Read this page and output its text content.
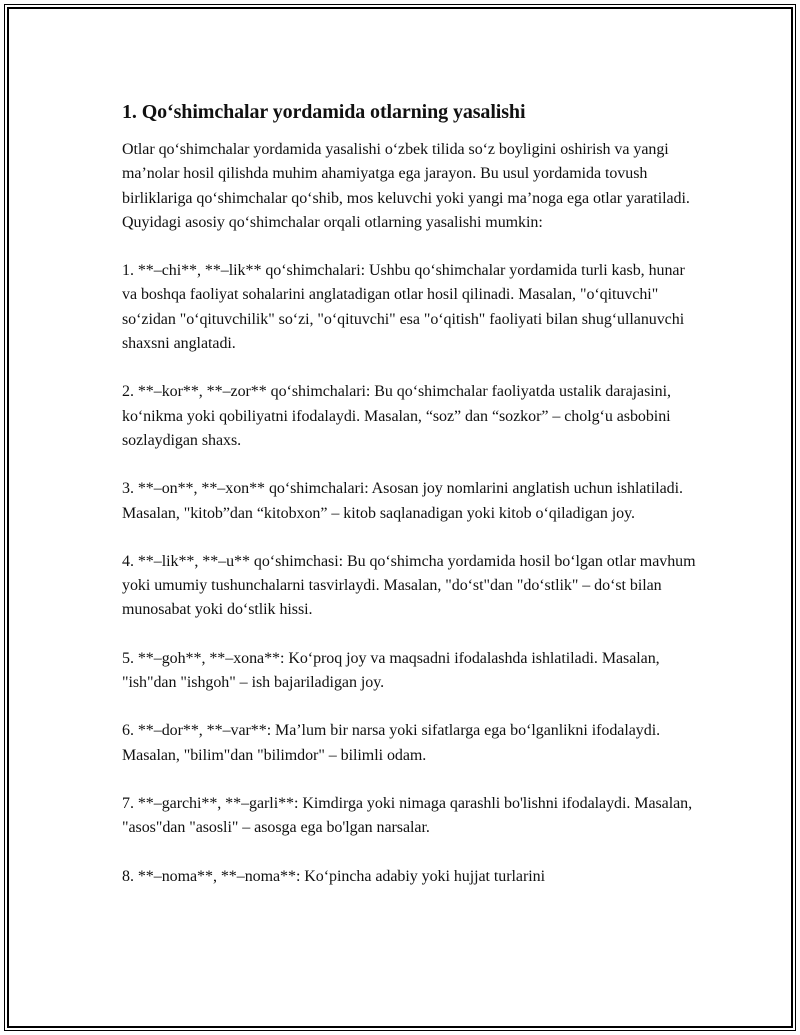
1. Qo‘shimchalar yordamida otlarning yasalishi

Otlar qo‘shimchalar yordamida yasalishi o‘zbek tilida so‘z boyligini oshirish va yangi ma’nolar hosil qilishda muhim ahamiyatga ega jarayon. Bu usul yordamida tovush birliklariga qo‘shimchalar qo‘shib, mos keluvchi yoki yangi ma’noga ega otlar yaratiladi. Quyidagi asosiy qo‘shimchalar orqali otlarning yasalishi mumkin:

1. **–chi**, **–lik** qo‘shimchalari: Ushbu qo‘shimchalar yordamida turli kasb, hunar va boshqa faoliyat sohalarini anglatadigan otlar hosil qilinadi. Masalan, "o‘qituvchi" so‘zidan "o‘qituvchilik" so‘zi, "o‘qituvchi" esa "o‘qitish" faoliyati bilan shug‘ullanuvchi shaxsni anglatadi.

2. **–kor**, **–zor** qo‘shimchalari: Bu qo‘shimchalar faoliyatda ustalik darajasini, ko‘nikma yoki qobiliyatni ifodalaydi. Masalan, “soz” dan “sozkor” – cholg‘u asbobini sozlaydigan shaxs.

3. **–on**, **–xon** qo‘shimchalari: Asosan joy nomlarini anglatish uchun ishlatiladi. Masalan, "kitob”dan “kitobxon” – kitob saqlanadigan yoki kitob o‘qiladigan joy.

4. **–lik**, **–u** qo‘shimchasi: Bu qo‘shimcha yordamida hosil bo‘lgan otlar mavhum yoki umumiy tushunchalarni tasvirlaydi. Masalan, "do‘st"dan "do‘stlik" – do‘st bilan munosabat yoki do‘stlik hissi.

5. **–goh**, **–xona**: Ko‘proq joy va maqsadni ifodalashda ishlatiladi. Masalan, "ish"dan "ishgoh" – ish bajariladigan joy.

6. **–dor**, **–var**: Ma’lum bir narsa yoki sifatlarga ega bo‘lganlikni ifodalaydi. Masalan, "bilim"dan "bilimdor" – bilimli odam.

7. **–garchi**, **–garli**: Kimdirga yoki nimaga qarashli bo'lishni ifodalaydi. Masalan, "asos"dan "asosli" – asosga ega bo'lgan narsalar.

8. **–noma**, **–noma**: Ko‘pincha adabiy yoki hujjat turlarini
